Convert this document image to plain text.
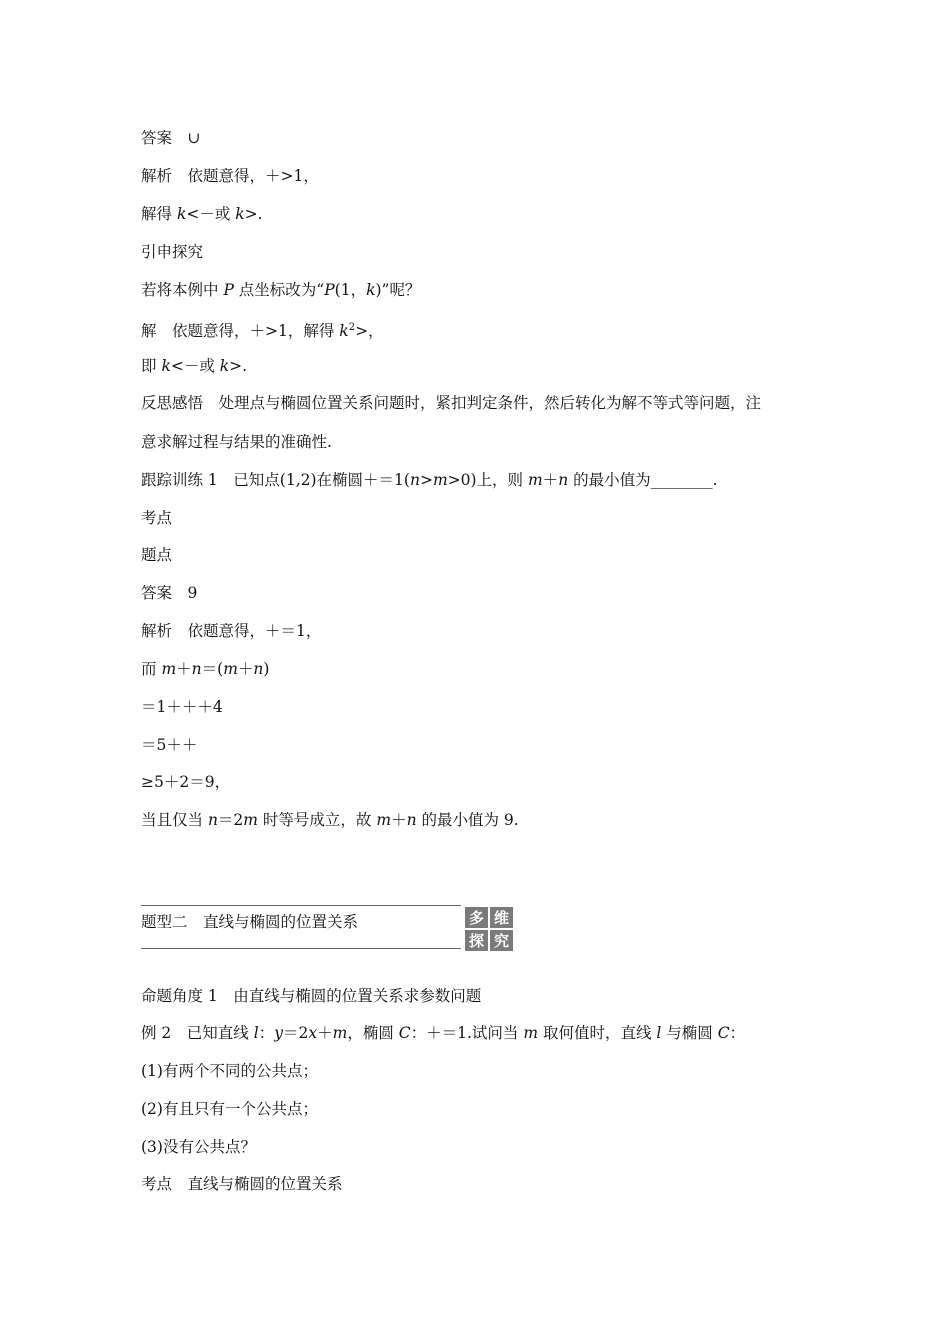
答案　∪
解析　依题意得，＋>1，
解得 k<－或 k>.
引申探究
若将本例中 P 点坐标改为“P(1，k)”呢？
解　依题意得，＋>1，解得 $k^2>$，
即 k<－或 k>.
反思感悟　处理点与椭圆位置关系问题时，紧扣判定条件，然后转化为解不等式等问题，注
意求解过程与结果的准确性.
跟踪训练 1　已知点(1,2)在椭圆＋＝1(n>m>0)上，则 m＋n 的最小值为________.
考点
题点
答案　9
解析　依题意得，＋＝1，
而 m＋n＝(m＋n)
＝1＋＋＋4
＝5＋＋
≥5＋2＝9，
当且仅当 n＝2m 时等号成立，故 m＋n 的最小值为 9.
题型二　直线与椭圆的位置关系	多 维
探 究
命题角度 1　由直线与椭圆的位置关系求参数问题
例 2　已知直线 l：y＝2x＋m，椭圆 C：＋＝1.试问当 m 取何值时，直线 l 与椭圆 C：
(1)有两个不同的公共点；
(2)有且只有一个公共点；
(3)没有公共点？
考点　直线与椭圆的位置关系
